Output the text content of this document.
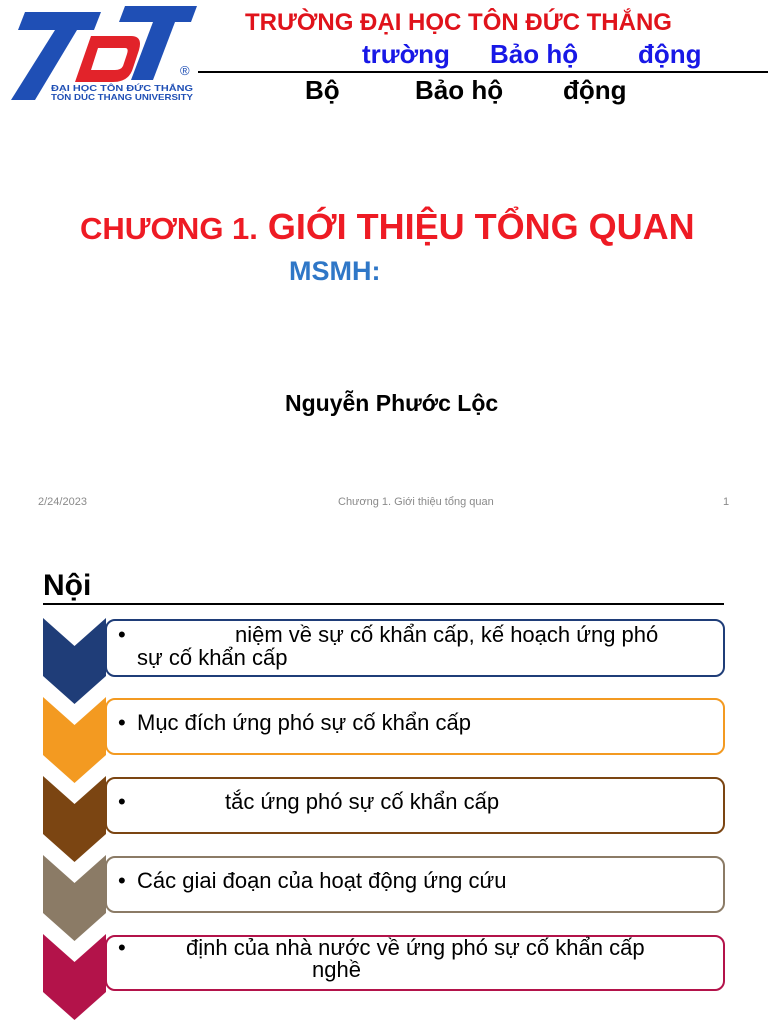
®
ĐẠI HỌC TÔN ĐỨC THẮNG
TON DUC THANG UNIVERSITY
TRƯỜNG ĐẠI HỌC TÔN ĐỨC THẮNG
trường Bảo hộ động
Bộ	Bảo hộ động
CHƯƠNG 1. GIỚI THIỆU TỔNG QUAN
MSMH:
Nguyễn Phước Lộc
2/24/2023	Chương 1. Giới thiệu tổng quan	1
Nội
•	niệm về sự cố khẩn cấp, kế hoạch ứng phó
sự cố khẩn cấp
• Mục đích ứng phó sự cố khẩn cấp
•	tắc ứng phó sự cố khẩn cấp
• Các giai đoạn của hoạt động ứng cứu
•	định của nhà nước về ứng phó sự cố khẩn cấp
nghề
